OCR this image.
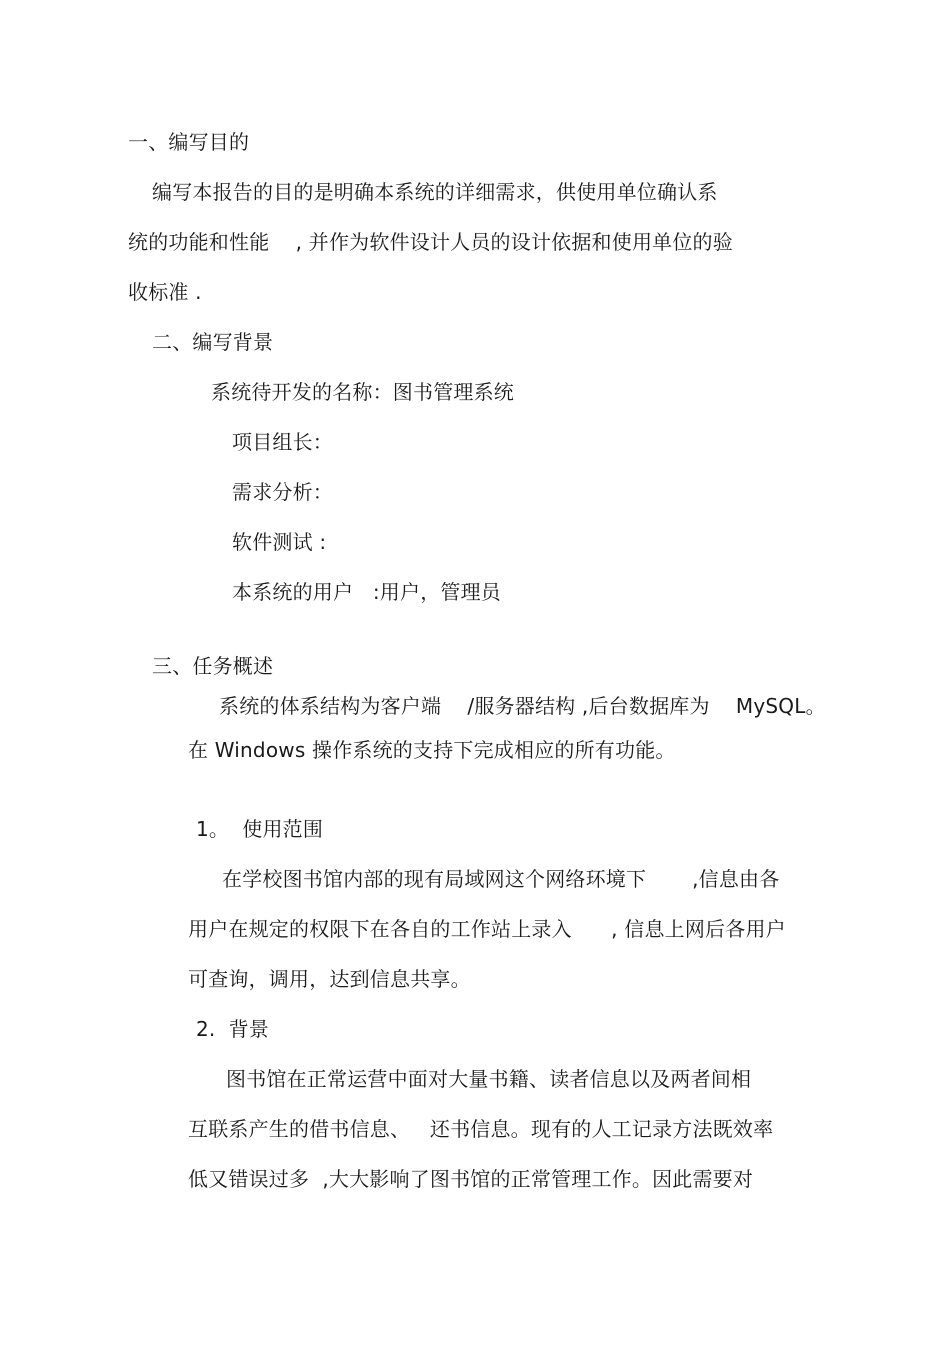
一、编写目的
编写本报告的目的是明确本系统的详细需求，供使用单位确认系
统的功能和性能    , 并作为软件设计人员的设计依据和使用单位的验
收标准 .
二、编写背景
系统待开发的名称：图书管理系统
项目组长：
需求分析：
软件测试 :
本系统的用户   :用户，管理员
三、任务概述
系统的体系结构为客户端    /服务器结构 ,后台数据库为    MySQL。
在 Windows 操作系统的支持下完成相应的所有功能。
1。  使用范围
在学校图书馆内部的现有局域网这个网络环境下       ,信息由各
用户在规定的权限下在各自的工作站上录入      , 信息上网后各用户
可查询，调用，达到信息共享。
2.  背景
图书馆在正常运营中面对大量书籍、读者信息以及两者间相
互联系产生的借书信息、   还书信息。现有的人工记录方法既效率
低又错误过多  ,大大影响了图书馆的正常管理工作。因此需要对
